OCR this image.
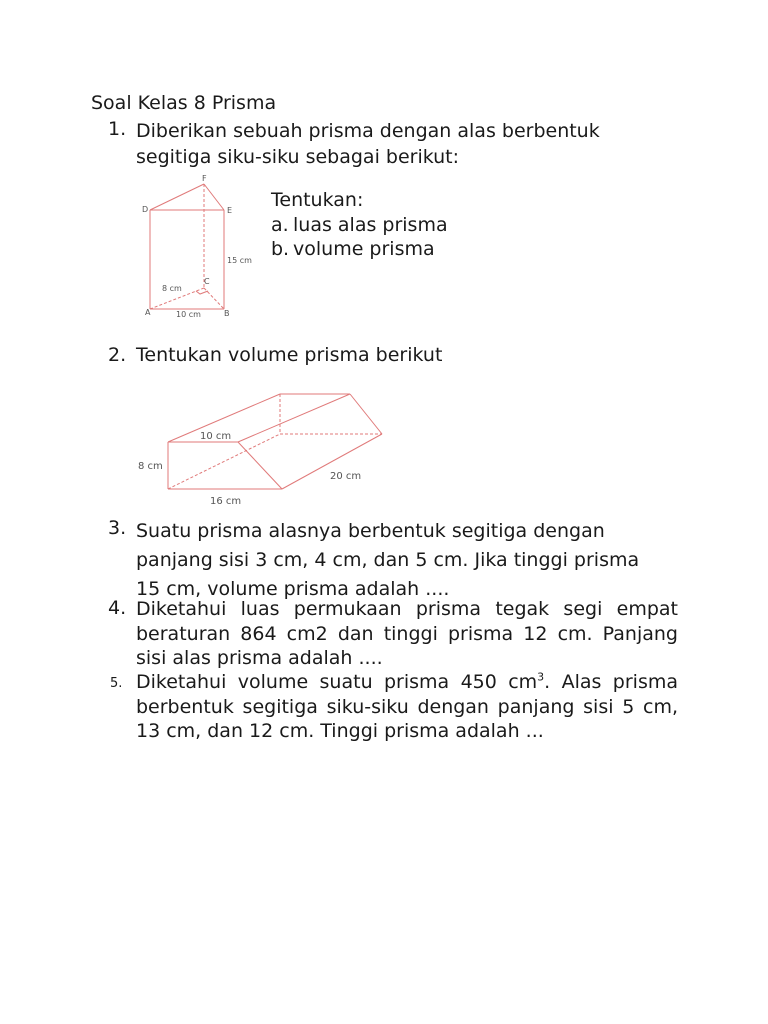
Soal Kelas 8 Prisma
1. Diberikan sebuah prisma dengan alas berbentuk
segitiga siku-siku sebagai berikut:
F
D	E
15 cm
C
8 cm
A	10 cm	B
Tentukan:
a. luas alas prisma
b. volume prisma
2. Tentukan volume prisma berikut
10 cm
8 cm
20 cm
16 cm
3. Suatu prisma alasnya berbentuk segitiga dengan
panjang sisi 3 cm, 4 cm, dan 5 cm. Jika tinggi prisma
15 cm, volume prisma adalah ....
4. Diketahui luas permukaan prisma tegak segi empat beraturan 864 cm2 dan tinggi prisma 12 cm. Panjang sisi alas prisma adalah ....
5. Diketahui volume suatu prisma 450 $cm^3$. Alas prisma berbentuk segitiga siku-siku dengan panjang sisi 5 cm, 13 cm, dan 12 cm. Tinggi prisma adalah ...
